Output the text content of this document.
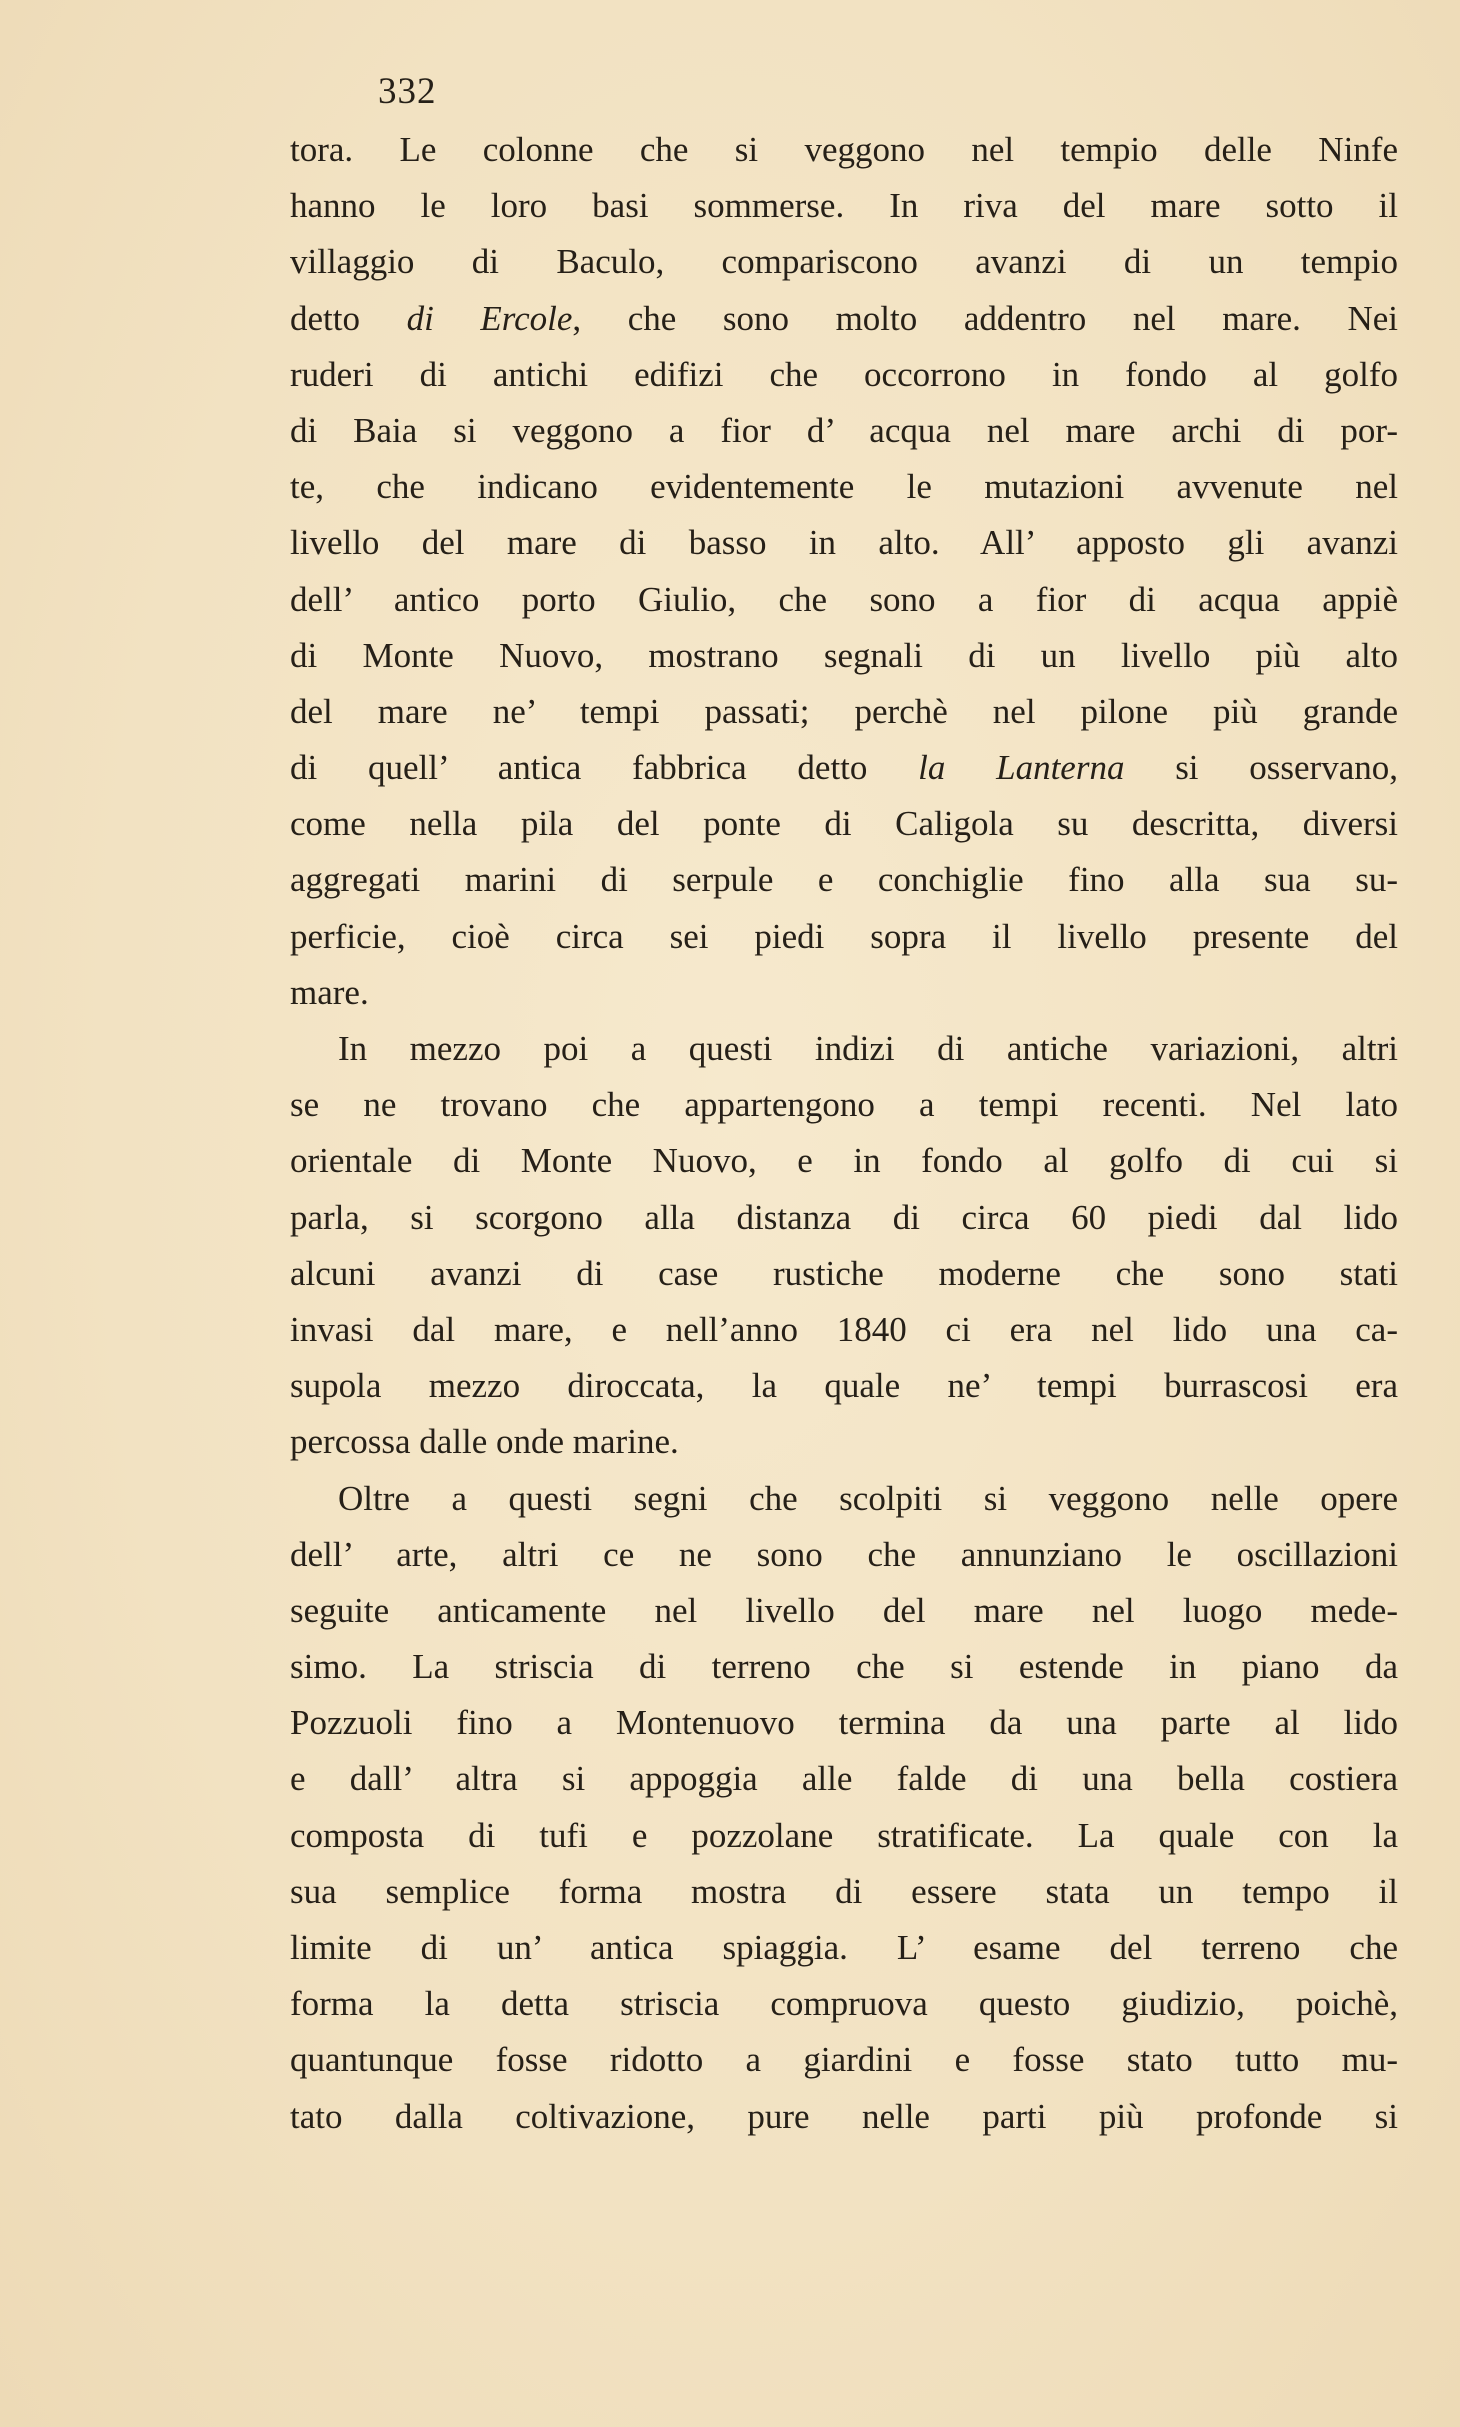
332
tora. Le colonne che si veggono nel tempio delle Ninfe
hanno le loro basi sommerse. In riva del mare sotto il
villaggio di Baculo, compariscono avanzi di un tempio
detto di Ercole, che sono molto addentro nel mare. Nei
ruderi di antichi edifizi che occorrono in fondo al golfo
di Baia si veggono a fior d’ acqua nel mare archi di por-
te, che indicano evidentemente le mutazioni avvenute nel
livello del mare di basso in alto. All’ apposto gli avanzi
dell’ antico porto Giulio, che sono a fior di acqua appiè
di Monte Nuovo, mostrano segnali di un livello più alto
del mare ne’ tempi passati; perchè nel pilone più grande
di quell’ antica fabbrica detto la Lanterna si osservano,
come nella pila del ponte di Caligola su descritta, diversi
aggregati marini di serpule e conchiglie fino alla sua su-
perficie, cioè circa sei piedi sopra il livello presente del
mare.
In mezzo poi a questi indizi di antiche variazioni, altri
se ne trovano che appartengono a tempi recenti. Nel lato
orientale di Monte Nuovo, e in fondo al golfo di cui si
parla, si scorgono alla distanza di circa 60 piedi dal lido
alcuni avanzi di case rustiche moderne che sono stati
invasi dal mare, e nell’anno 1840 ci era nel lido una ca-
supola mezzo diroccata, la quale ne’ tempi burrascosi era
percossa dalle onde marine.
Oltre a questi segni che scolpiti si veggono nelle opere
dell’ arte, altri ce ne sono che annunziano le oscillazioni
seguite anticamente nel livello del mare nel luogo mede-
simo. La striscia di terreno che si estende in piano da
Pozzuoli fino a Montenuovo termina da una parte al lido
e dall’ altra si appoggia alle falde di una bella costiera
composta di tufi e pozzolane stratificate. La quale con la
sua semplice forma mostra di essere stata un tempo il
limite di un’ antica spiaggia. L’ esame del terreno che
forma la detta striscia compruova questo giudizio, poichè,
quantunque fosse ridotto a giardini e fosse stato tutto mu-
tato dalla coltivazione, pure nelle parti più profonde si
